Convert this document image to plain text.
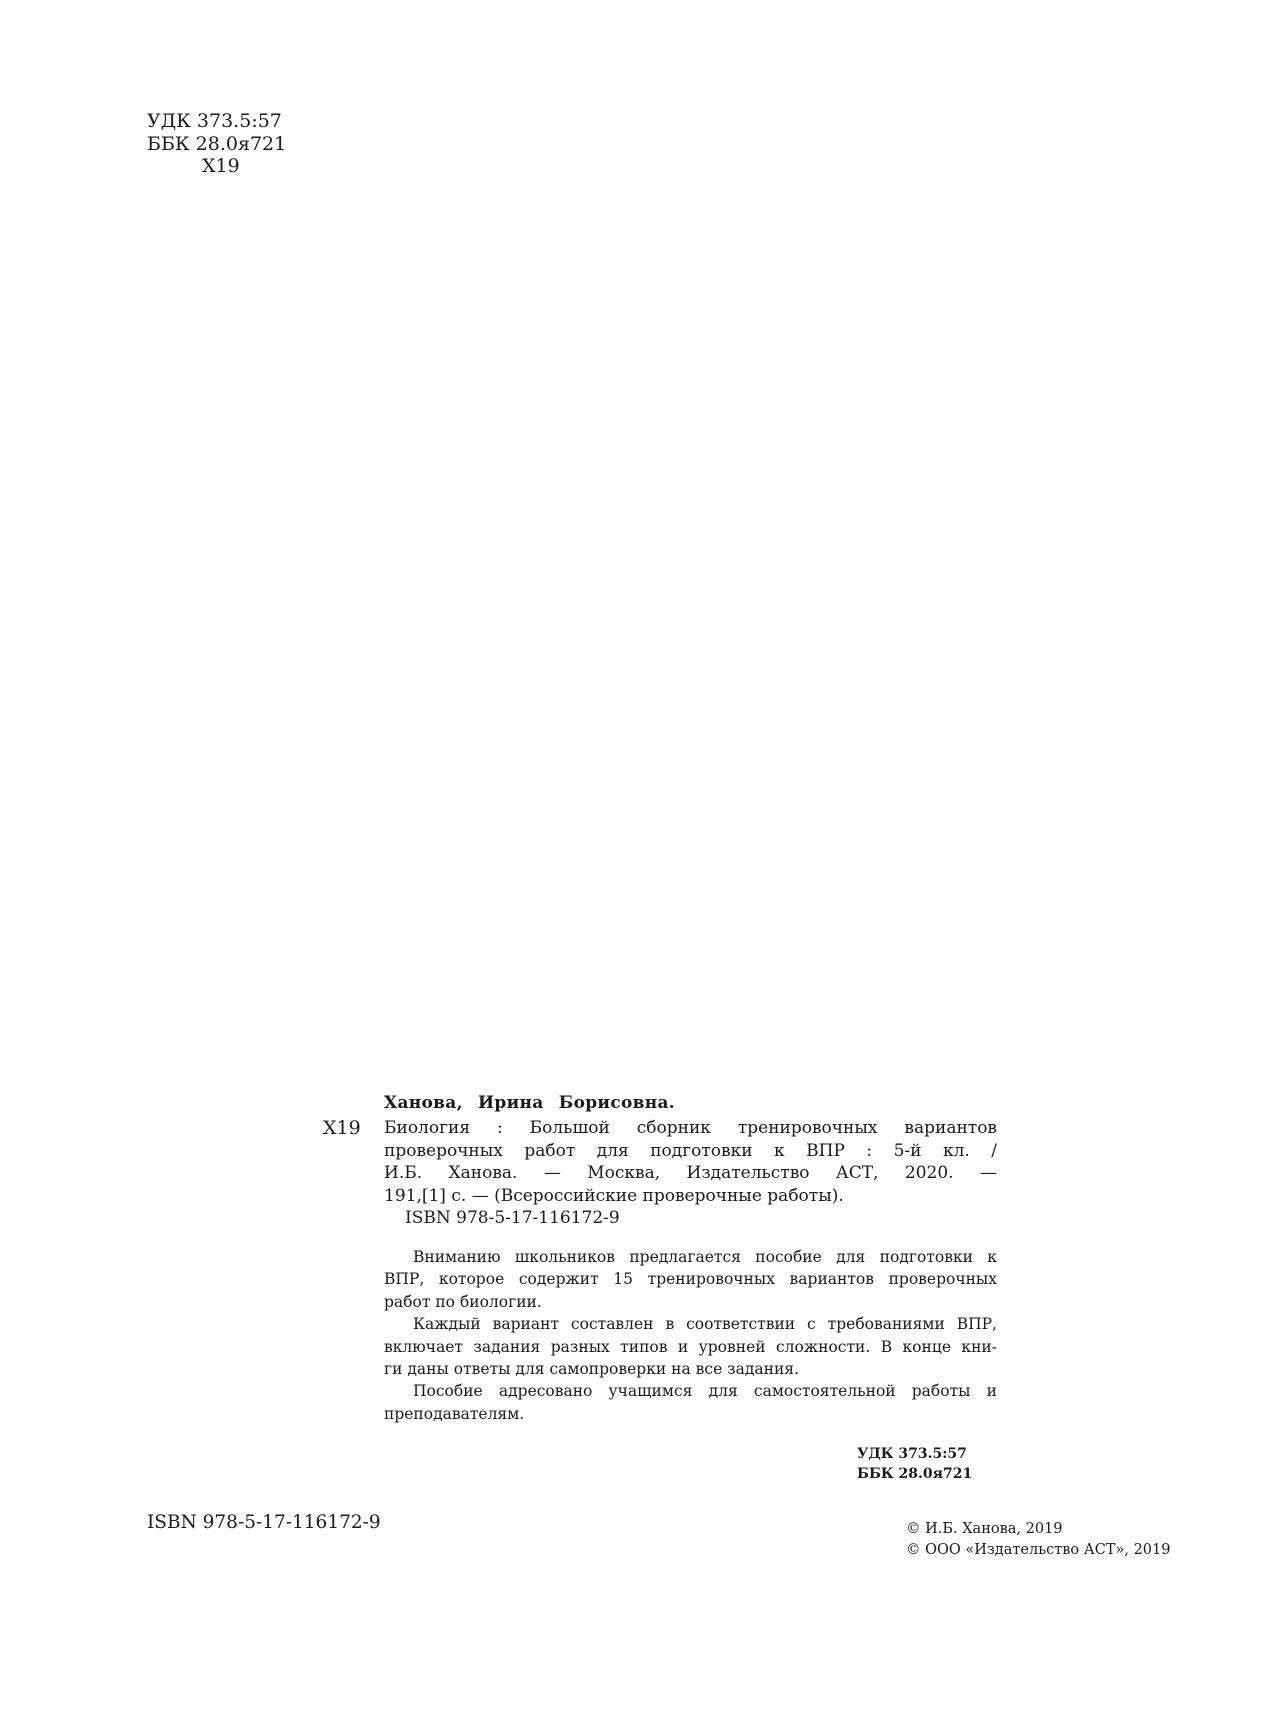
УДК 373.5:57
ББК 28.0я721
Х19
Ханова, Ирина Борисовна.
Х19 Биология : Большой сборник тренировочных вариантов
проверочных работ для подготовки к ВПР : 5-й кл. /
И.Б. Ханова. — Москва, Издательство АСТ, 2020. —
191,[1] с. — (Всероссийские проверочные работы).
ISBN 978-5-17-116172-9
Вниманию школьников предлагается пособие для подготовки к
ВПР, которое содержит 15 тренировочных вариантов проверочных
работ по биологии.
Каждый вариант составлен в соответствии с требованиями ВПР,
включает задания разных типов и уровней сложности. В конце кни-
ги даны ответы для самопроверки на все задания.
Пособие адресовано учащимся для самостоятельной работы и
преподавателям.
УДК 373.5:57
ББК 28.0я721
ISBN 978-5-17-116172-9	© И.Б. Ханова, 2019
© ООО «Издательство АСТ», 2019
